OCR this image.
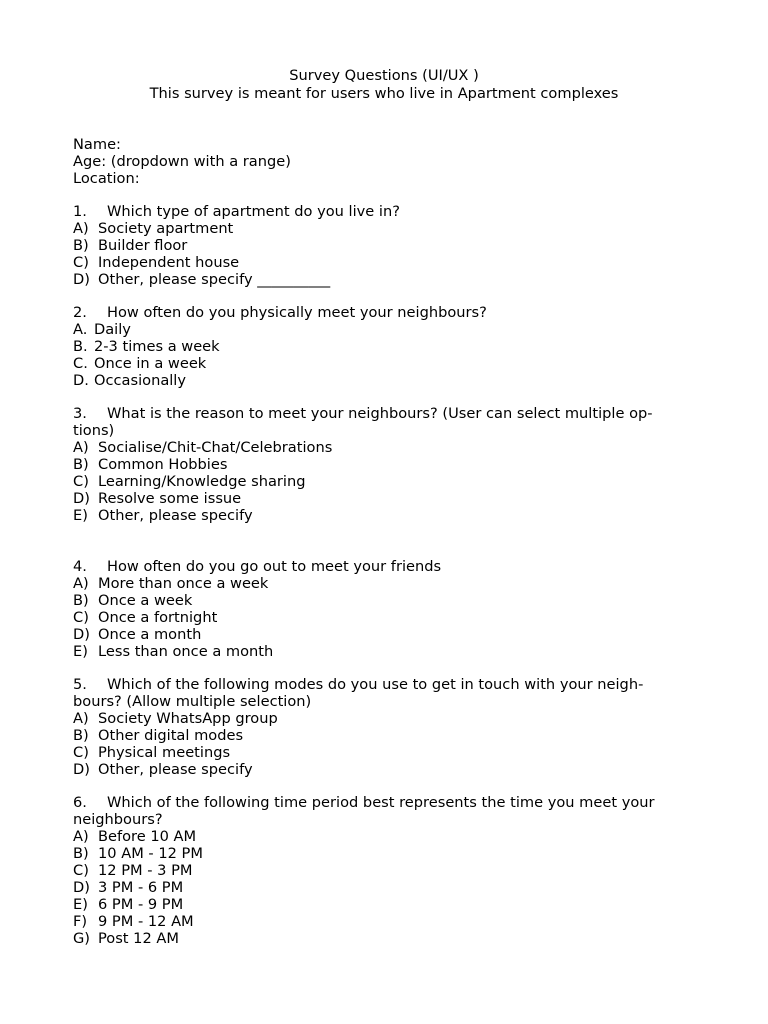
Survey Questions (UI/UX )
This survey is meant for users who live in Apartment complexes
Name:
Age: (dropdown with a range)
Location:
1. Which type of apartment do you live in?
A) Society apartment
B) Builder floor
C) Independent house
D) Other, please specify __________
2. How often do you physically meet your neighbours?
A. Daily
B. 2-3 times a week
C. Once in a week
D. Occasionally
3. What is the reason to meet your neighbours? (User can select multiple op-
tions)
A) Socialise/Chit-Chat/Celebrations
B) Common Hobbies
C) Learning/Knowledge sharing
D) Resolve some issue
E) Other, please specify
4. How often do you go out to meet your friends
A) More than once a week
B) Once a week
C) Once a fortnight
D) Once a month
E) Less than once a month
5. Which of the following modes do you use to get in touch with your neigh-
bours? (Allow multiple selection)
A) Society WhatsApp group
B) Other digital modes
C) Physical meetings
D) Other, please specify
6. Which of the following time period best represents the time you meet your
neighbours?
A) Before 10 AM
B) 10 AM - 12 PM
C) 12 PM - 3 PM
D) 3 PM - 6 PM
E) 6 PM - 9 PM
F) 9 PM - 12 AM
G) Post 12 AM
